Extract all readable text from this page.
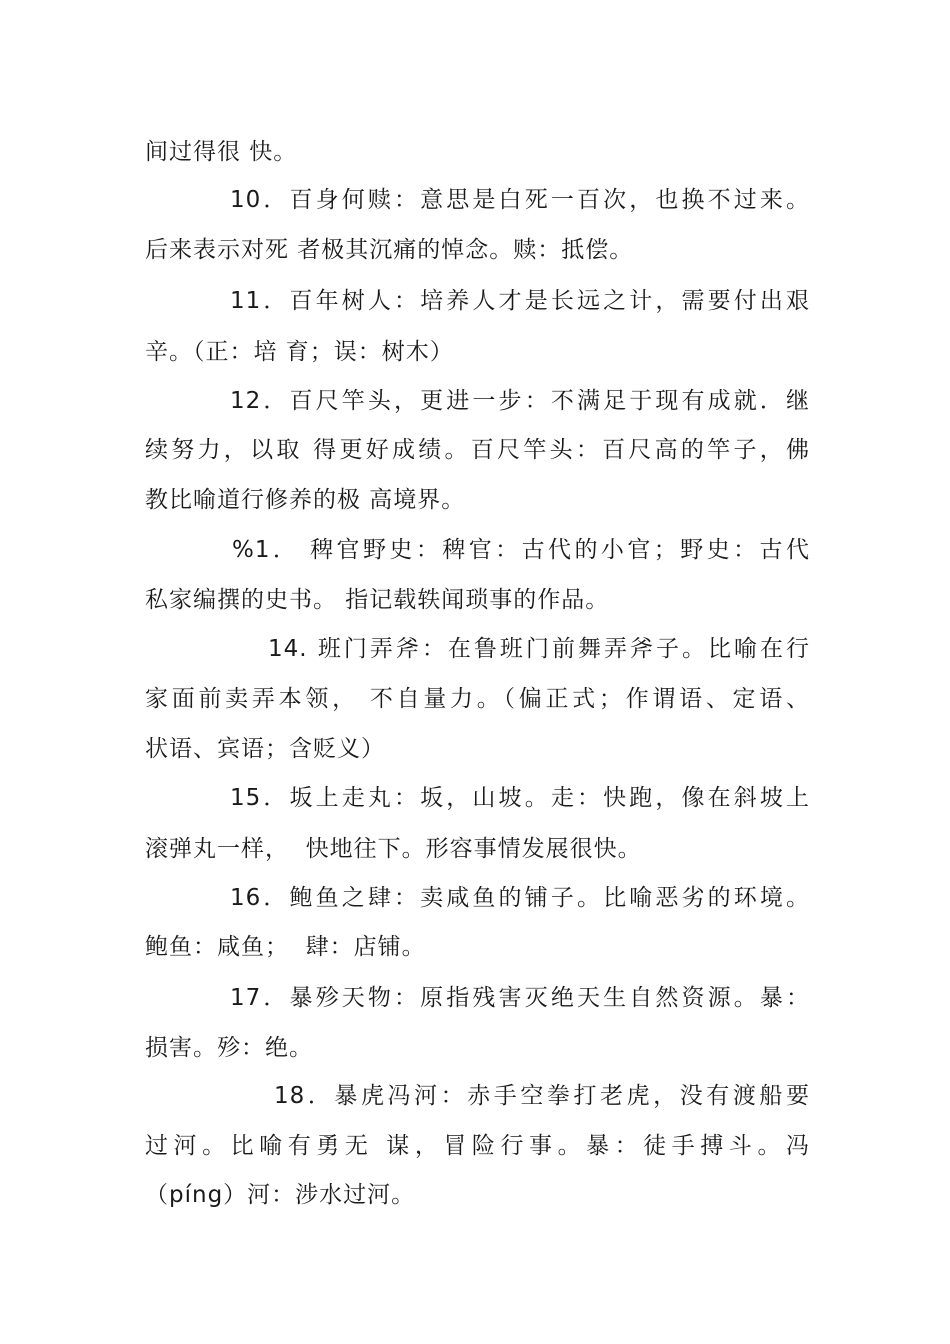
间过得很 快。
10．百身何赎：意思是白死一百次，也换不过来。
后来表示对死 者极其沉痛的悼念。赎：抵偿。
11．百年树人：培养人才是长远之计，需要付出艰
辛。（正：培 育；误：树木）
12．百尺竿头，更进一步：不满足于现有成就．继
续努力，以取 得更好成绩。百尺竿头：百尺高的竿子，佛
教比喻道行修养的极 高境界。
%1． 稗官野史：稗官：古代的小官；野史：古代
私家编撰的史书。 指记载轶闻琐事的作品。
14. 班门弄斧：在鲁班门前舞弄斧子。比喻在行
家面前卖弄本领， 不自量力。（偏正式；作谓语、定语、
状语、宾语；含贬义）
15．坂上走丸：坂，山坡。走：快跑，像在斜坡上
滚弹丸一样，  快地往下。形容事情发展很快。
16．鲍鱼之肆：卖咸鱼的铺子。比喻恶劣的环境。
鲍鱼：咸鱼；  肆：店铺。
17．暴殄天物：原指残害灭绝天生自然资源。暴：
损害。殄：绝。
18．暴虎冯河：赤手空拳打老虎，没有渡船要
过河。比喻有勇无 谋，冒险行事。暴：徒手搏斗。冯
（píng）河：涉水过河。
